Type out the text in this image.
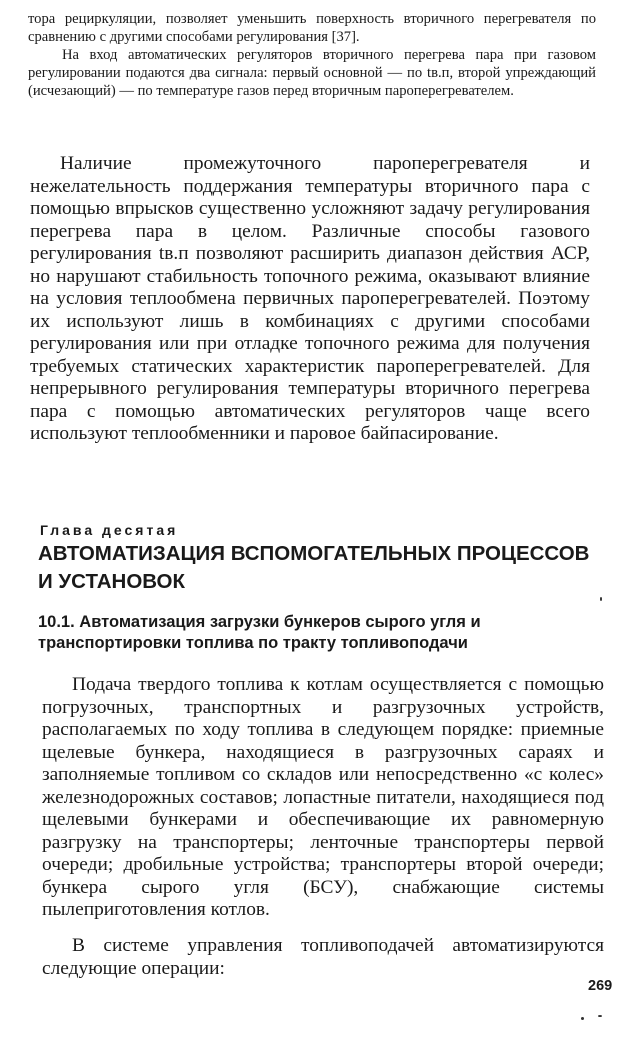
тора рециркуляции, позволяет уменьшить поверхность вторичного перегревателя по сравнению с другими способами регулирования [37].

На вход автоматических регуляторов вторичного перегрева пара при газовом регулировании подаются два сигнала: первый основной — по tв.п, второй упреждающий (исчезающий) — по температуре газов перед вторичным пароперегревателем.

Наличие промежуточного пароперегревателя и нежелательность поддержания температуры вторичного пара с помощью впрысков существенно усложняют задачу регулирования перегрева пара в целом. Различные способы газового регулирования tв.п позволяют расширить диапазон действия АСР, но нарушают стабильность топочного режима, оказывают влияние на условия теплообмена первичных пароперегревателей. Поэтому их используют лишь в комбинациях с другими способами регулирования или при отладке топочного режима для получения требуемых статических характеристик пароперегревателей. Для непрерывного регулирования температуры вторичного перегрева пара с помощью автоматических регуляторов чаще всего используют теплообменники и паровое байпасирование.

Глава десятая
АВТОМАТИЗАЦИЯ ВСПОМОГАТЕЛЬНЫХ ПРОЦЕССОВ И УСТАНОВОК
10.1. Автоматизация загрузки бункеров сырого угля и транспортировки топлива по тракту топливоподачи

Подача твердого топлива к котлам осуществляется с помощью погрузочных, транспортных и разгрузочных устройств, располагаемых по ходу топлива в следующем порядке: приемные щелевые бункера, находящиеся в разгрузочных сараях и заполняемые топливом со складов или непосредственно «с колес» железнодорожных составов; лопастные питатели, находящиеся под щелевыми бункерами и обеспечивающие их равномерную разгрузку на транспортеры; ленточные транспортеры первой очереди; дробильные устройства; транспортеры второй очереди; бункера сырого угля (БСУ), снабжающие системы пылеприготовления котлов.

В системе управления топливоподачей автоматизируются следующие операции:

269
